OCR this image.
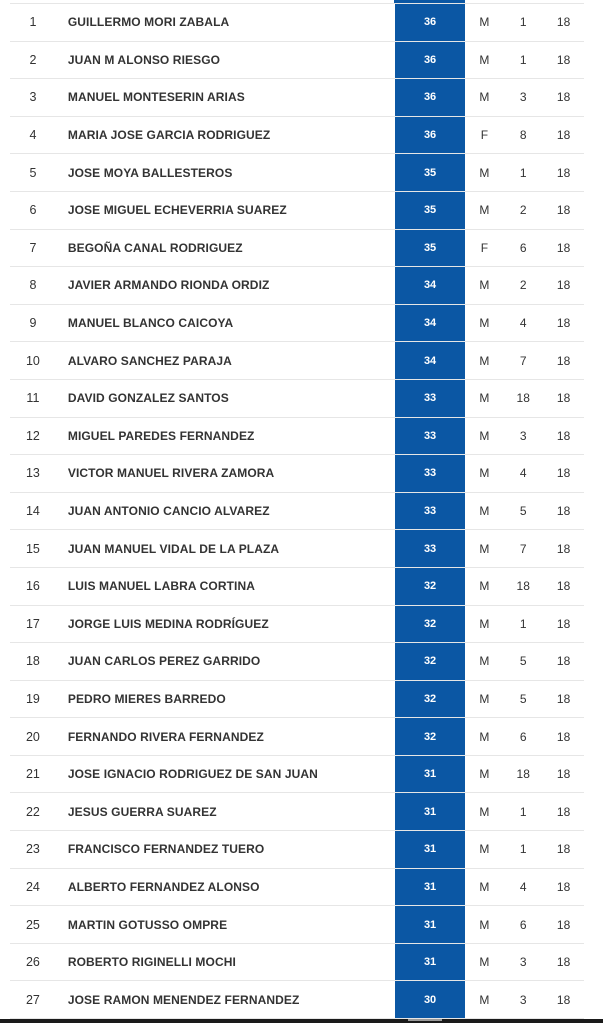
1	GUILLERMO MORI ZABALA	36	M	1	18
2	JUAN M ALONSO RIESGO	36	M	1	18
3	MANUEL MONTESERIN ARIAS	36	M	3	18
4	MARIA JOSE GARCIA RODRIGUEZ	36	F	8	18
5	JOSE MOYA BALLESTEROS	35	M	1	18
6	JOSE MIGUEL ECHEVERRIA SUAREZ	35	M	2	18
7	BEGOÑA CANAL RODRIGUEZ	35	F	6	18
8	JAVIER ARMANDO RIONDA ORDIZ	34	M	2	18
9	MANUEL BLANCO CAICOYA	34	M	4	18
10	ALVARO SANCHEZ PARAJA	34	M	7	18
11	DAVID GONZALEZ SANTOS	33	M	18	18
12	MIGUEL PAREDES FERNANDEZ	33	M	3	18
13	VICTOR MANUEL RIVERA ZAMORA	33	M	4	18
14	JUAN ANTONIO CANCIO ALVAREZ	33	M	5	18
15	JUAN MANUEL VIDAL DE LA PLAZA	33	M	7	18
16	LUIS MANUEL LABRA CORTINA	32	M	18	18
17	JORGE LUIS MEDINA RODRÍGUEZ	32	M	1	18
18	JUAN CARLOS PEREZ GARRIDO	32	M	5	18
19	PEDRO MIERES BARREDO	32	M	5	18
20	FERNANDO RIVERA FERNANDEZ	32	M	6	18
21	JOSE IGNACIO RODRIGUEZ DE SAN JUAN	31	M	18	18
22	JESUS GUERRA SUAREZ	31	M	1	18
23	FRANCISCO FERNANDEZ TUERO	31	M	1	18
24	ALBERTO FERNANDEZ ALONSO	31	M	4	18
25	MARTIN GOTUSSO OMPRE	31	M	6	18
26	ROBERTO RIGINELLI MOCHI	31	M	3	18
27	JOSE RAMON MENENDEZ FERNANDEZ	30	M	3	18
